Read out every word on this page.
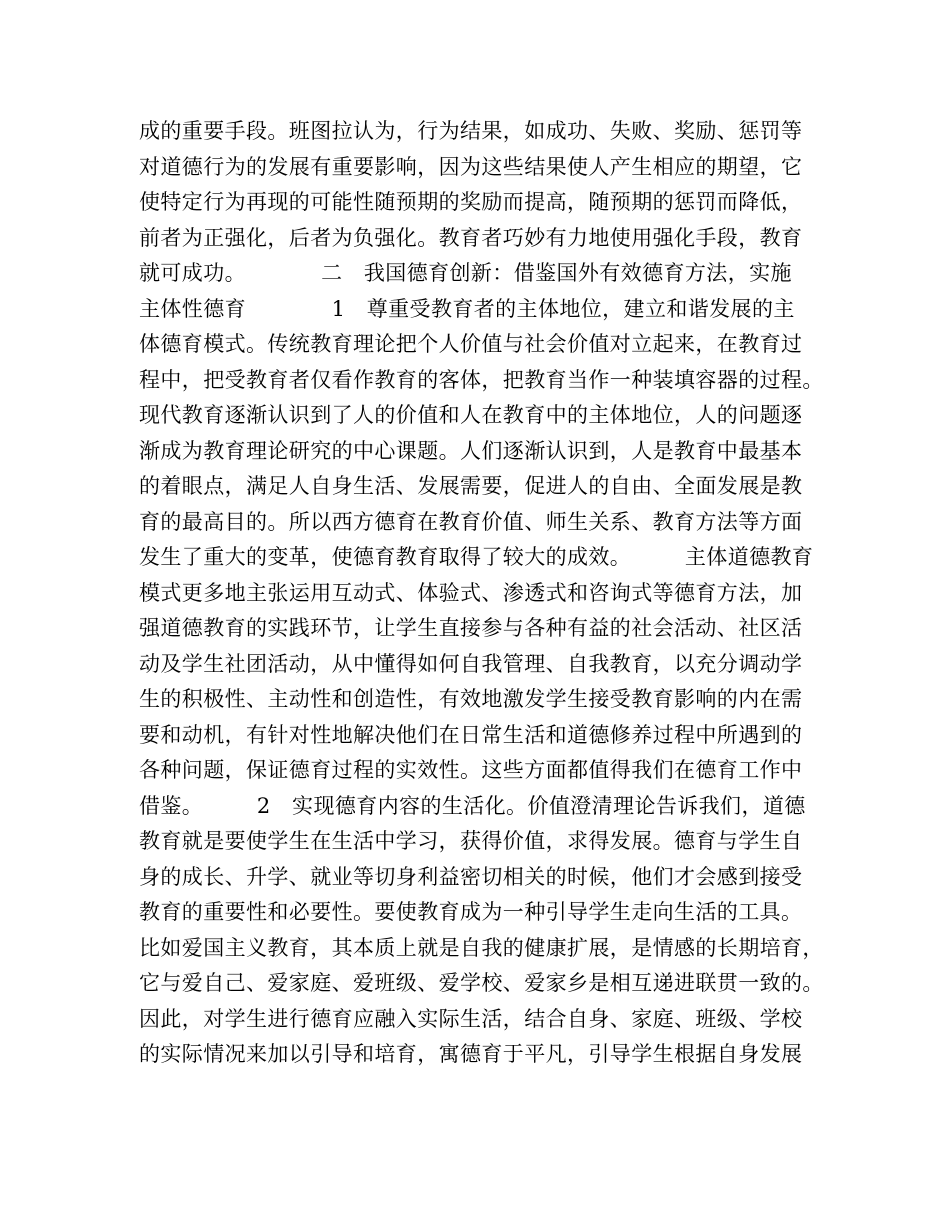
成的重要手段。班图拉认为，行为结果，如成功、失败、奖励、惩罚等
对道德行为的发展有重要影响，因为这些结果使人产生相应的期望，它
使特定行为再现的可能性随预期的奖励而提高，随预期的惩罚而降低，
前者为正强化，后者为负强化。教育者巧妙有力地使用强化手段，教育
就可成功。　　　　二　我国德育创新：借鉴国外有效德育方法，实施
主体性德育　　　　1　尊重受教育者的主体地位，建立和谐发展的主
体德育模式。传统教育理论把个人价值与社会价值对立起来，在教育过
程中，把受教育者仅看作教育的客体，把教育当作一种装填容器的过程。
现代教育逐渐认识到了人的价值和人在教育中的主体地位，人的问题逐
渐成为教育理论研究的中心课题。人们逐渐认识到，人是教育中最基本
的着眼点，满足人自身生活、发展需要，促进人的自由、全面发展是教
育的最高目的。所以西方德育在教育价值、师生关系、教育方法等方面
发生了重大的变革，使德育教育取得了较大的成效。　　　主体道德教育
模式更多地主张运用互动式、体验式、渗透式和咨询式等德育方法，加
强道德教育的实践环节，让学生直接参与各种有益的社会活动、社区活
动及学生社团活动，从中懂得如何自我管理、自我教育，以充分调动学
生的积极性、主动性和创造性，有效地激发学生接受教育影响的内在需
要和动机，有针对性地解决他们在日常生活和道德修养过程中所遇到的
各种问题，保证德育过程的实效性。这些方面都值得我们在德育工作中
借鉴。　　　2　实现德育内容的生活化。价值澄清理论告诉我们，道德
教育就是要使学生在生活中学习，获得价值，求得发展。德育与学生自
身的成长、升学、就业等切身利益密切相关的时候，他们才会感到接受
教育的重要性和必要性。要使教育成为一种引导学生走向生活的工具。
比如爱国主义教育，其本质上就是自我的健康扩展，是情感的长期培育，
它与爱自己、爱家庭、爱班级、爱学校、爱家乡是相互递进联贯一致的。
因此，对学生进行德育应融入实际生活，结合自身、家庭、班级、学校
的实际情况来加以引导和培育，寓德育于平凡，引导学生根据自身发展
